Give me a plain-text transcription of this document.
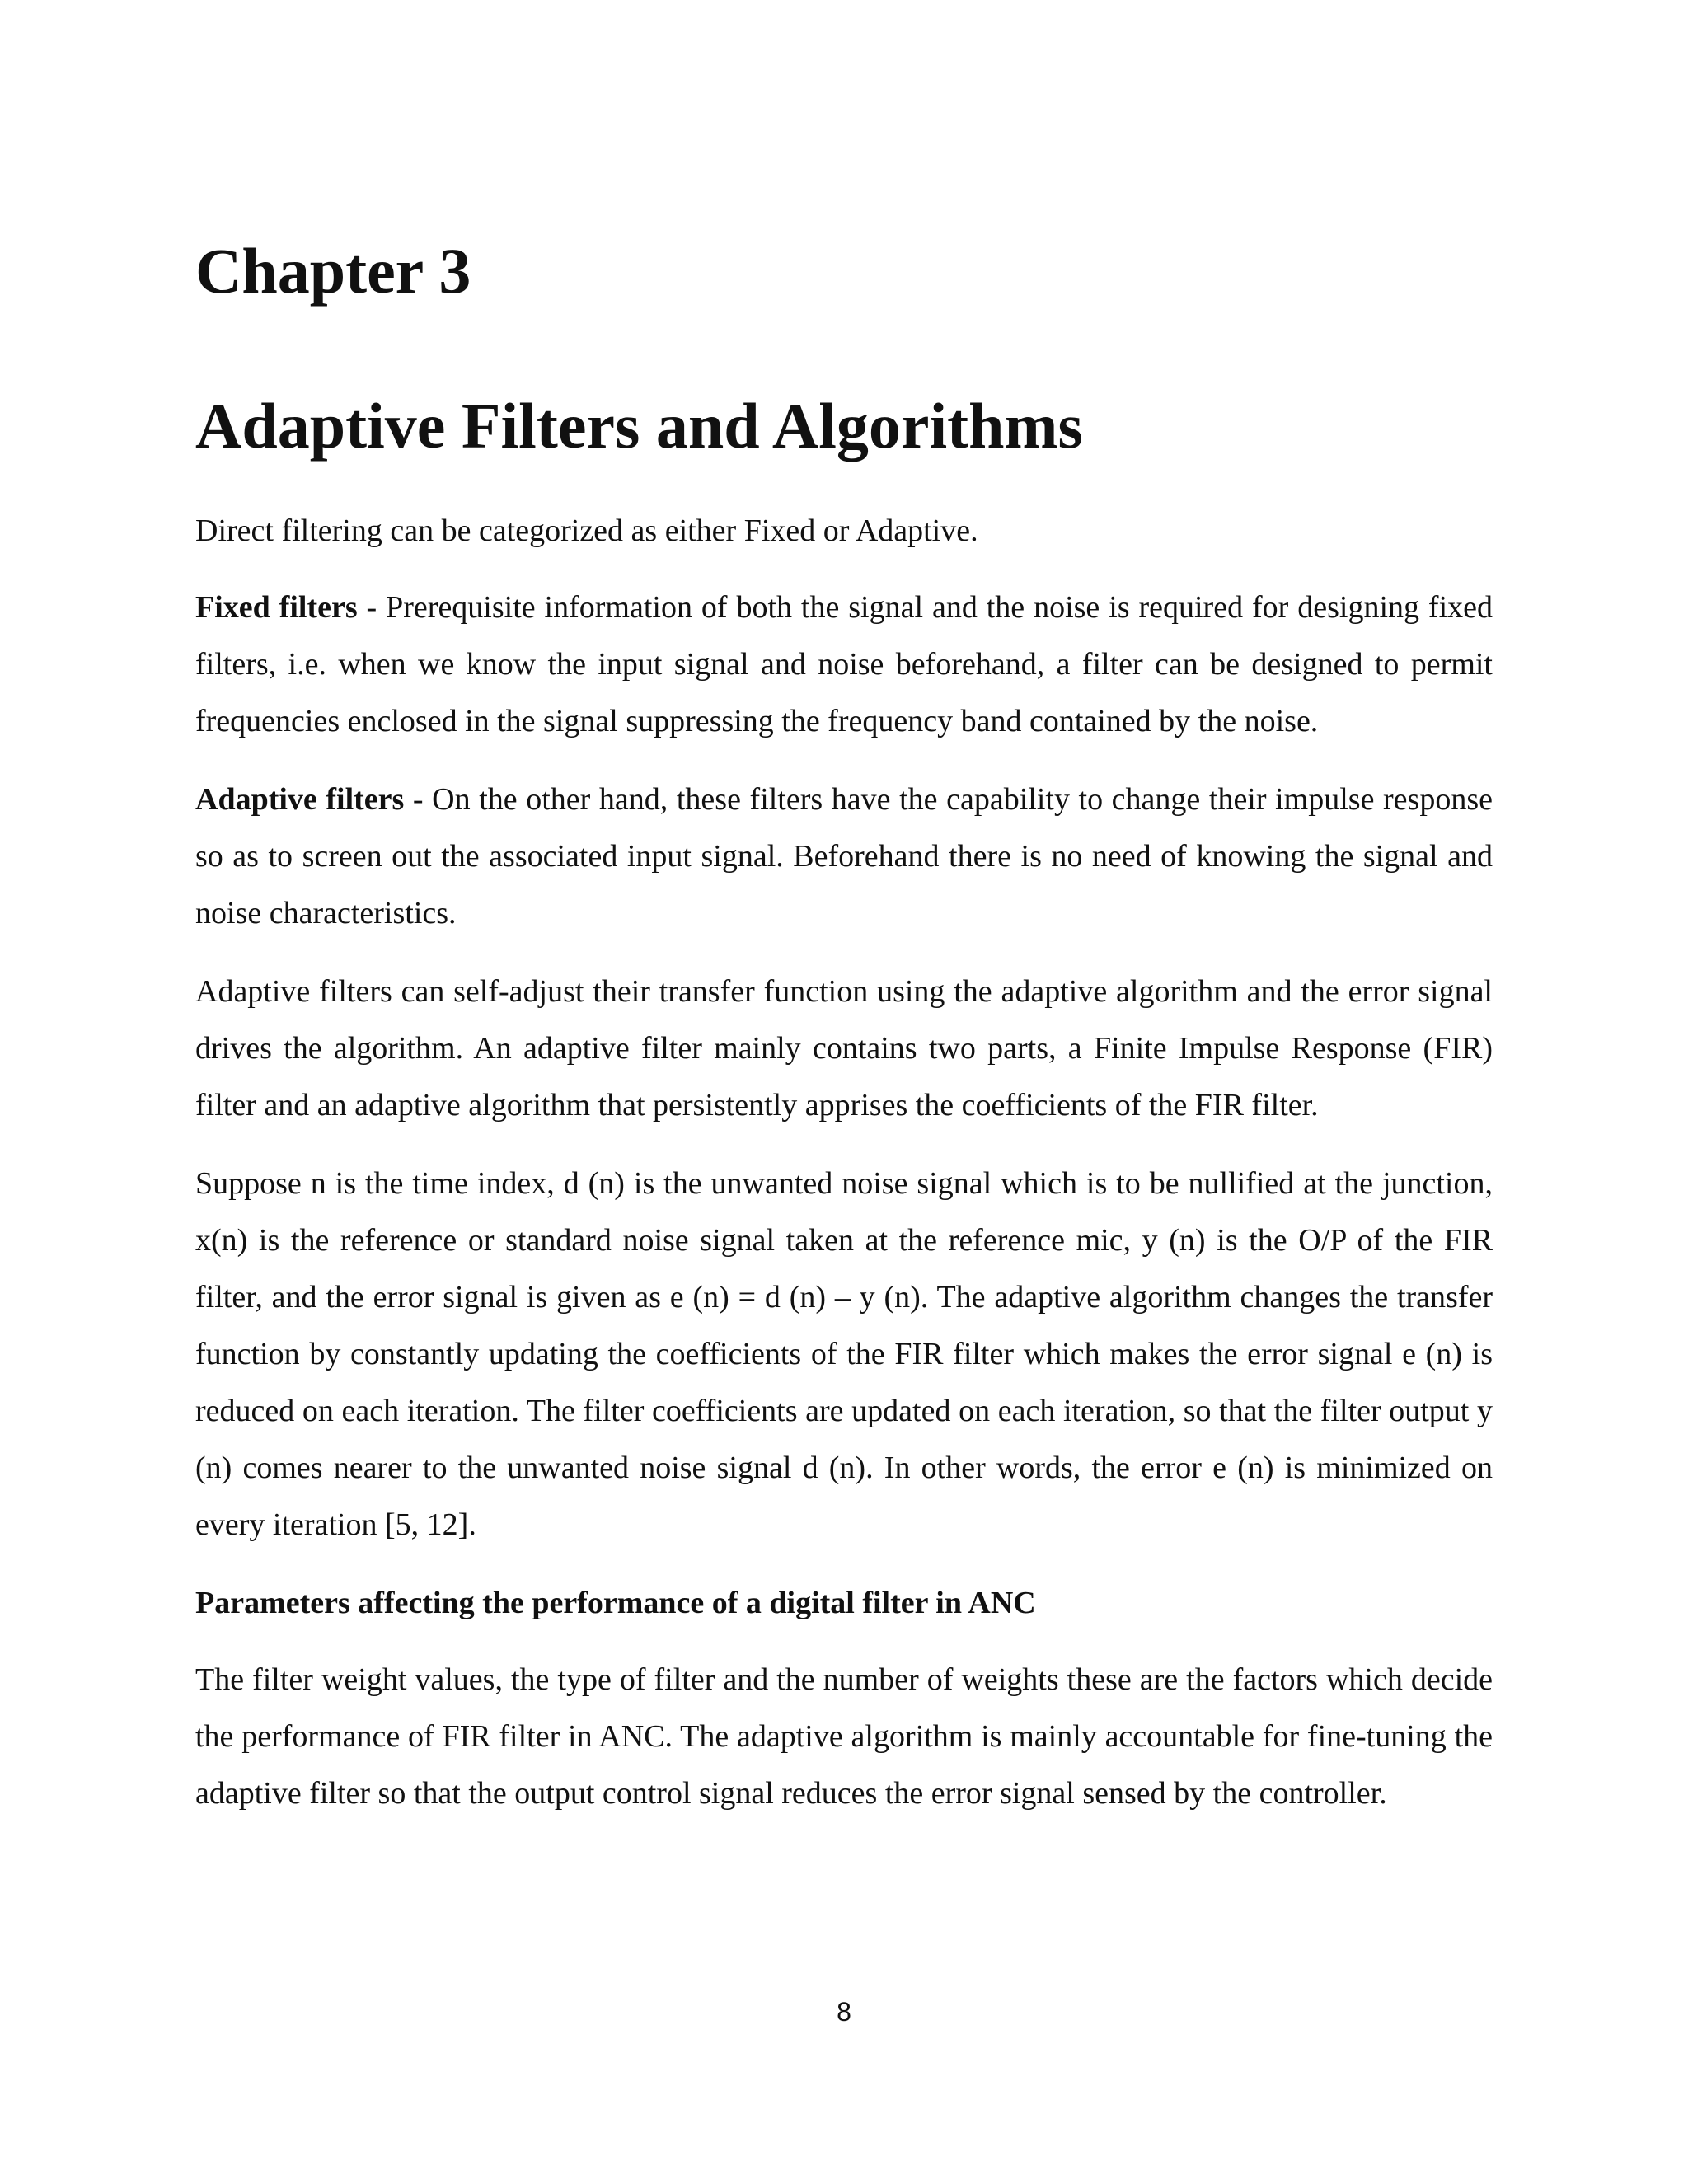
Chapter 3
Adaptive Filters and Algorithms

Direct filtering can be categorized as either Fixed or Adaptive.

Fixed filters - Prerequisite information of both the signal and the noise is required for designing fixed filters, i.e. when we know the input signal and noise beforehand, a filter can be designed to permit frequencies enclosed in the signal suppressing the frequency band contained by the noise.

Adaptive filters - On the other hand, these filters have the capability to change their impulse response so as to screen out the associated input signal. Beforehand there is no need of knowing the signal and noise characteristics.

Adaptive filters can self-adjust their transfer function using the adaptive algorithm and the error signal drives the algorithm. An adaptive filter mainly contains two parts, a Finite Impulse Response (FIR) filter and an adaptive algorithm that persistently apprises the coefficients of the FIR filter.

Suppose n is the time index, d (n) is the unwanted noise signal which is to be nullified at the junction, x(n) is the reference or standard noise signal taken at the reference mic, y (n) is the O/P of the FIR filter, and the error signal is given as e (n) = d (n) – y (n). The adaptive algorithm changes the transfer function by constantly updating the coefficients of the FIR filter which makes the error signal e (n) is reduced on each iteration. The filter coefficients are updated on each iteration, so that the filter output y (n) comes nearer to the unwanted noise signal d (n). In other words, the error e (n) is minimized on every iteration [5, 12].

Parameters affecting the performance of a digital filter in ANC

The filter weight values, the type of filter and the number of weights these are the factors which decide the performance of FIR filter in ANC. The adaptive algorithm is mainly accountable for fine-tuning the adaptive filter so that the output control signal reduces the error signal sensed by the controller.

8
